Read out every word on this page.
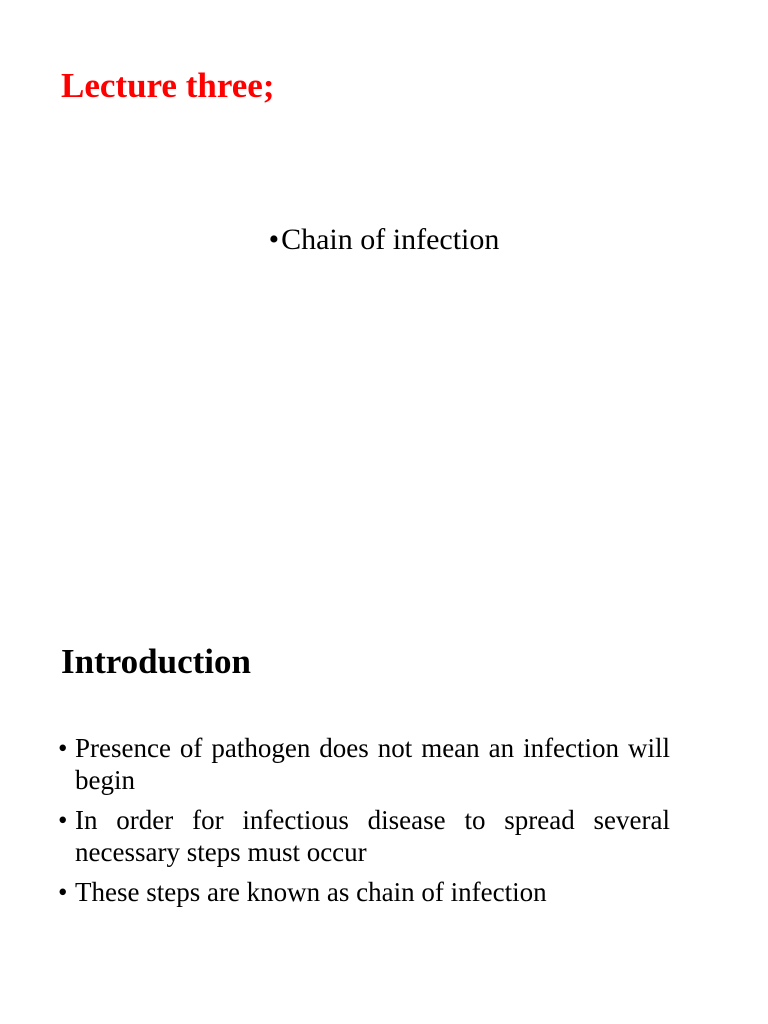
Lecture three;
•Chain of infection
Introduction
• Presence of pathogen does not mean an infection will begin
• In order for infectious disease to spread several necessary steps must occur
• These steps are known as chain of infection
